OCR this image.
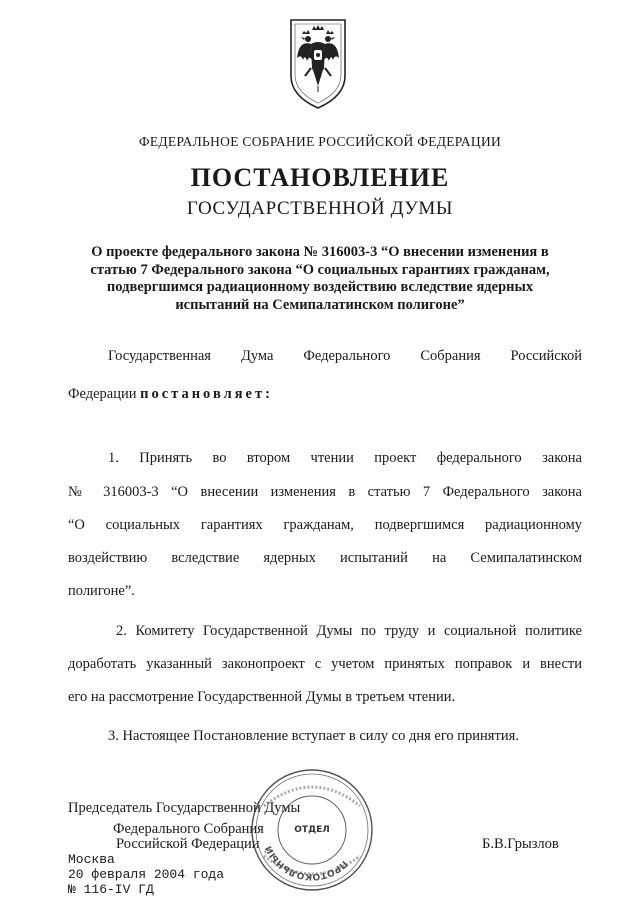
ФЕДЕРАЛЬНОЕ СОБРАНИЕ РОССИЙСКОЙ ФЕДЕРАЦИИ
ПОСТАНОВЛЕНИЕ
ГОСУДАРСТВЕННОЙ ДУМЫ
О проекте федерального закона № 316003-3 “О внесении изменения в
статью 7 Федерального закона “О социальных гарантиях гражданам,
подвергшимся радиационному воздействию вследствие ядерных
испытаний на Семипалатинском полигоне”
Государственная Дума Федерального Собрания Российской
Федерации постановляет:
1. Принять во втором чтении проект федерального закона
№ 316003-3 “О внесении изменения в статью 7 Федерального закона
“О социальных гарантиях гражданам, подвергшимся радиационному
воздействию вследствие ядерных испытаний на Семипалатинском
полигоне”.
2. Комитету Государственной Думы по труду и социальной политике
доработать указанный законопроект с учетом принятых поправок и внести
его на рассмотрение Государственной Думы в третьем чтении.
3. Настоящее Постановление вступает в силу со дня его принятия.
Председатель Государственной Думы
Федерального Собрания
Российской Федерации	Б.В.Грызлов
Москва
20 февраля 2004 года
№ 116-IV ГД
ПРОТОКОЛЬНЫЙ
ОТДЕЛ
